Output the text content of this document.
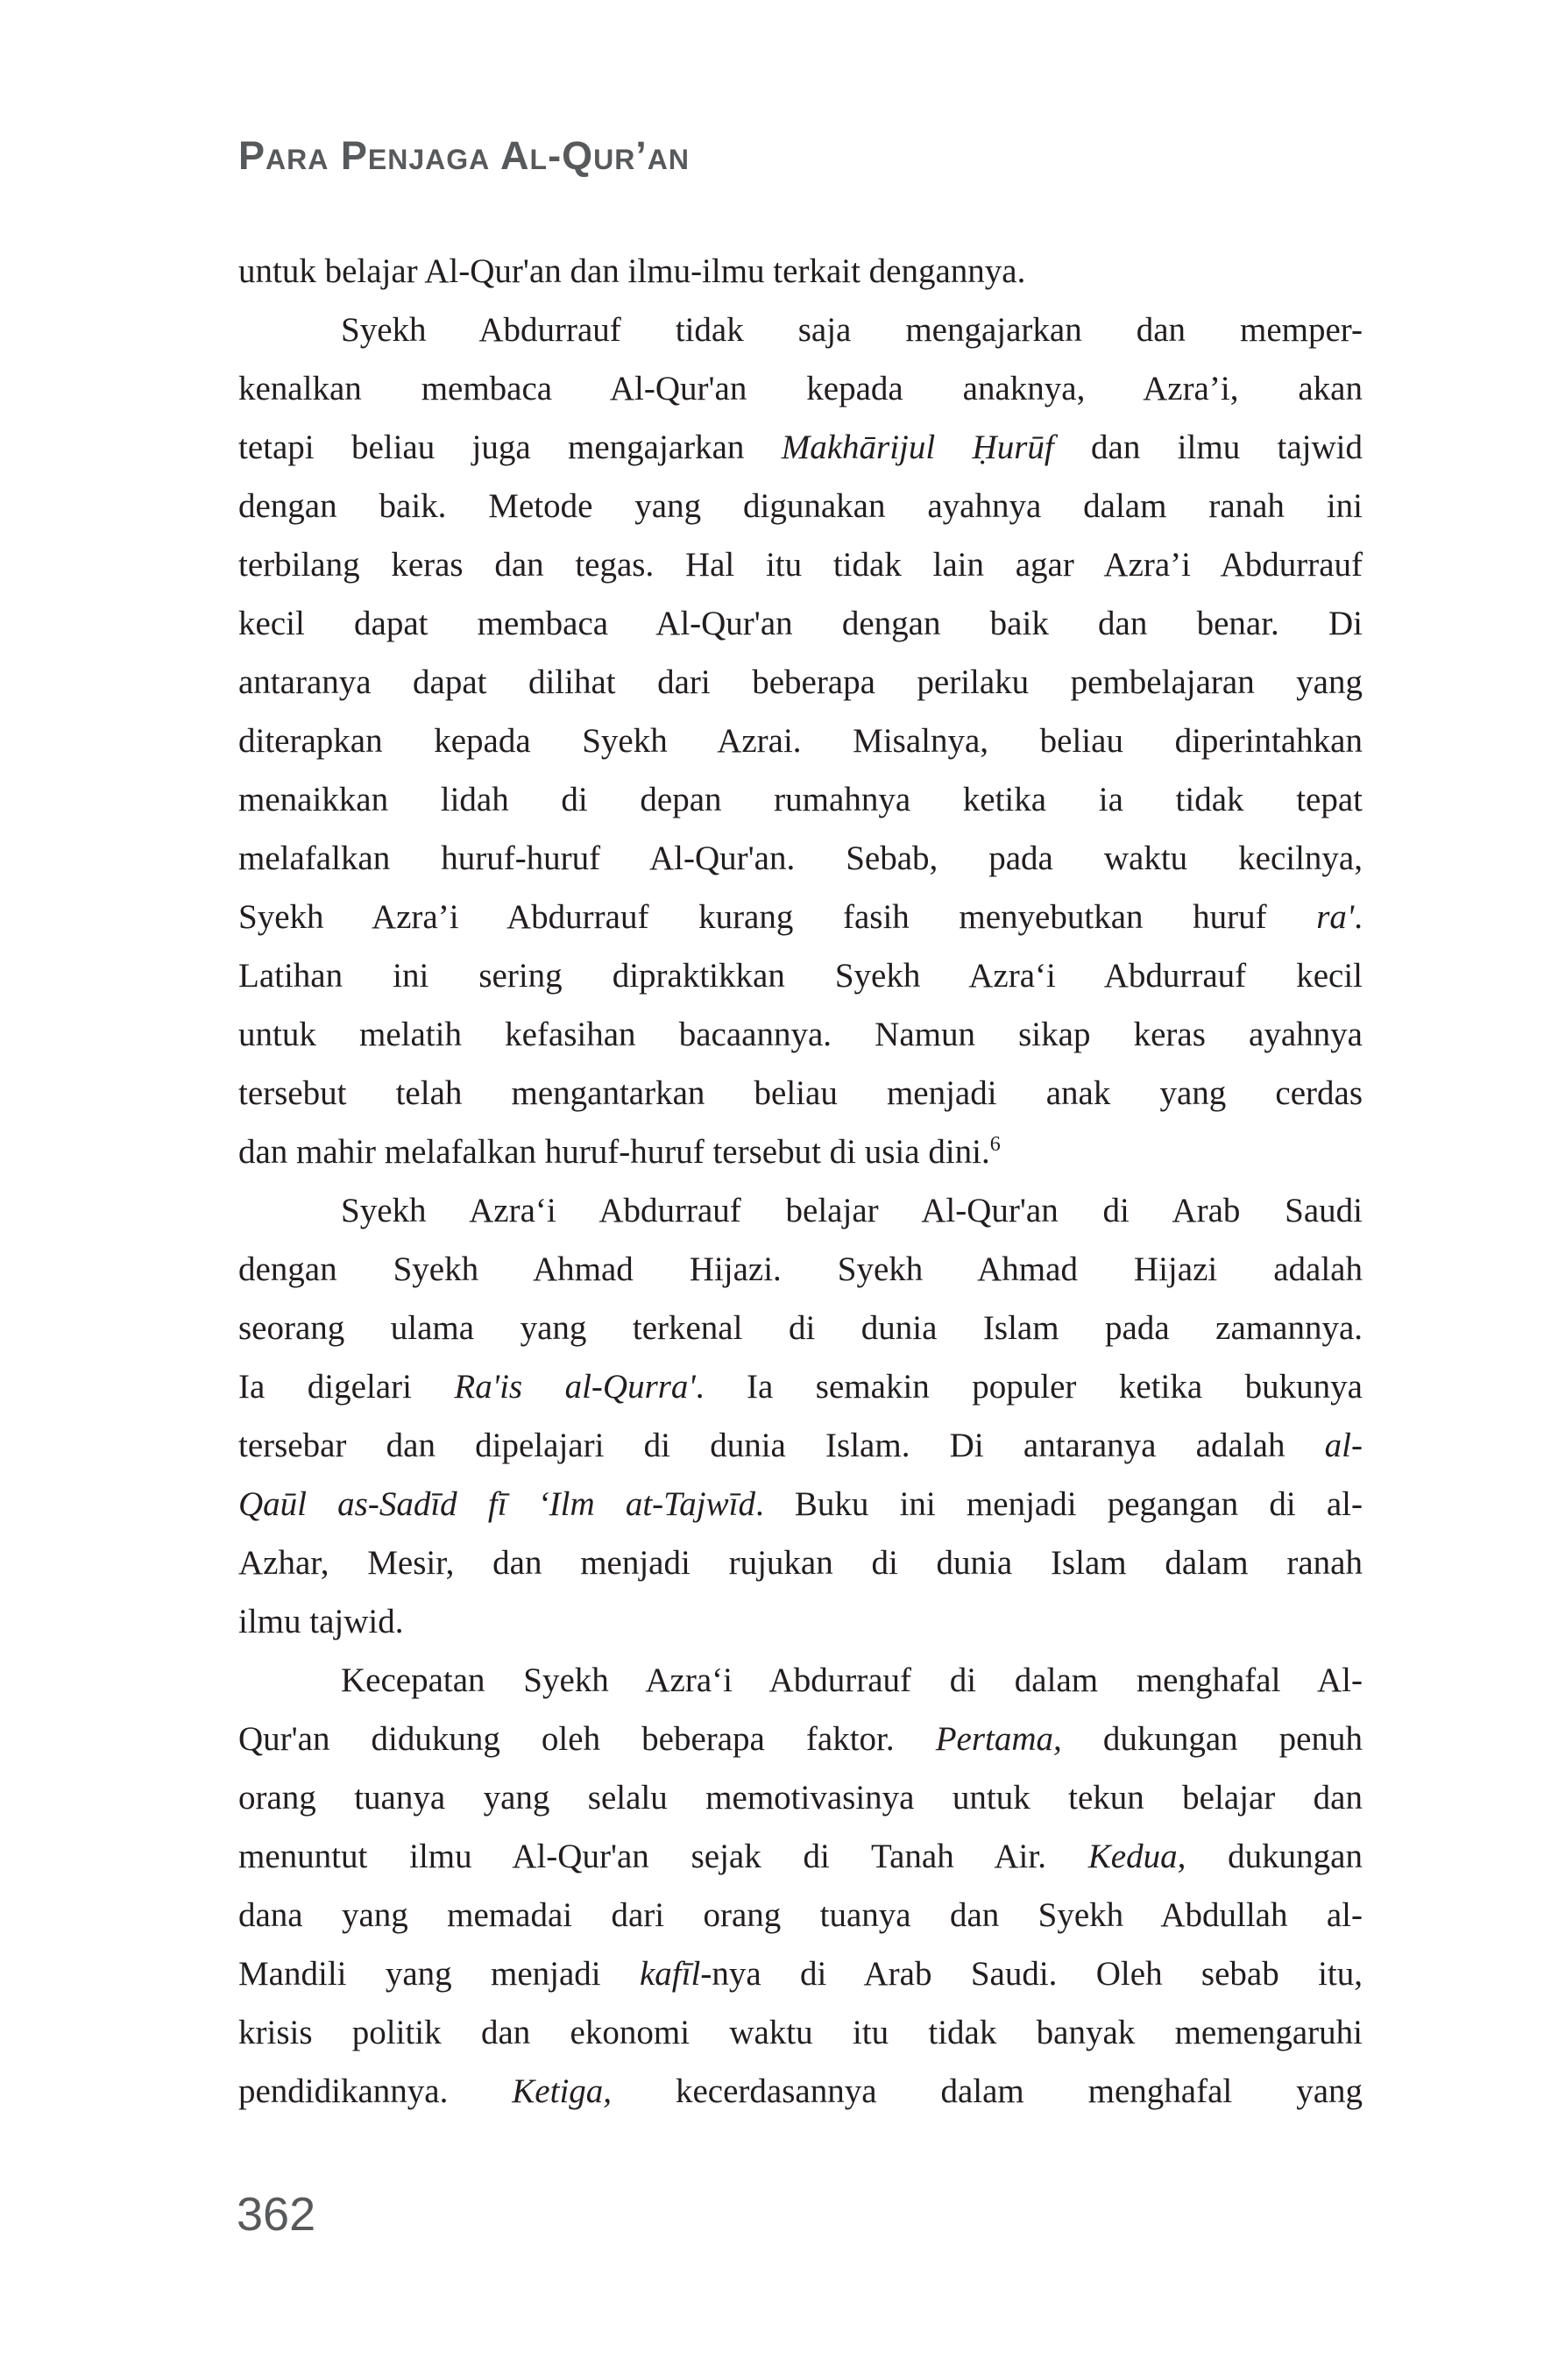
Para Penjaga Al-Qur’an
untuk belajar Al-Qur'an dan ilmu-ilmu terkait dengannya.
Syekh Abdurrauf tidak saja mengajarkan dan memper-
kenalkan membaca Al-Qur'an kepada anaknya, Azra’i, akan
tetapi beliau juga mengajarkan Makhārijul Ḥurūf dan ilmu tajwid
dengan baik. Metode yang digunakan ayahnya dalam ranah ini
terbilang keras dan tegas. Hal itu tidak lain agar Azra’i Abdurrauf
kecil dapat membaca Al-Qur'an dengan baik dan benar. Di
antaranya dapat dilihat dari beberapa perilaku pembelajaran yang
diterapkan kepada Syekh Azrai. Misalnya, beliau diperintahkan
menaikkan lidah di depan rumahnya ketika ia tidak tepat
melafalkan huruf-huruf Al-Qur'an. Sebab, pada waktu kecilnya,
Syekh Azra’i Abdurrauf kurang fasih menyebutkan huruf ra'.
Latihan ini sering dipraktikkan Syekh Azra‘i Abdurrauf kecil
untuk melatih kefasihan bacaannya. Namun sikap keras ayahnya
tersebut telah mengantarkan beliau menjadi anak yang cerdas
dan mahir melafalkan huruf-huruf tersebut di usia dini.$^6$
Syekh Azra‘i Abdurrauf belajar Al-Qur'an di Arab Saudi
dengan Syekh Ahmad Hijazi. Syekh Ahmad Hijazi adalah
seorang ulama yang terkenal di dunia Islam pada zamannya.
Ia digelari Ra'is al-Qurra'. Ia semakin populer ketika bukunya
tersebar dan dipelajari di dunia Islam. Di antaranya adalah al-
Qaūl as-Sadīd fī ‘Ilm at-Tajwīd. Buku ini menjadi pegangan di al-
Azhar, Mesir, dan menjadi rujukan di dunia Islam dalam ranah
ilmu tajwid.
Kecepatan Syekh Azra‘i Abdurrauf di dalam menghafal Al-
Qur'an didukung oleh beberapa faktor. Pertama, dukungan penuh
orang tuanya yang selalu memotivasinya untuk tekun belajar dan
menuntut ilmu Al-Qur'an sejak di Tanah Air. Kedua, dukungan
dana yang memadai dari orang tuanya dan Syekh Abdullah al-
Mandili yang menjadi kafīl-nya di Arab Saudi. Oleh sebab itu,
krisis politik dan ekonomi waktu itu tidak banyak memengaruhi
pendidikannya. Ketiga, kecerdasannya dalam menghafal yang
362
